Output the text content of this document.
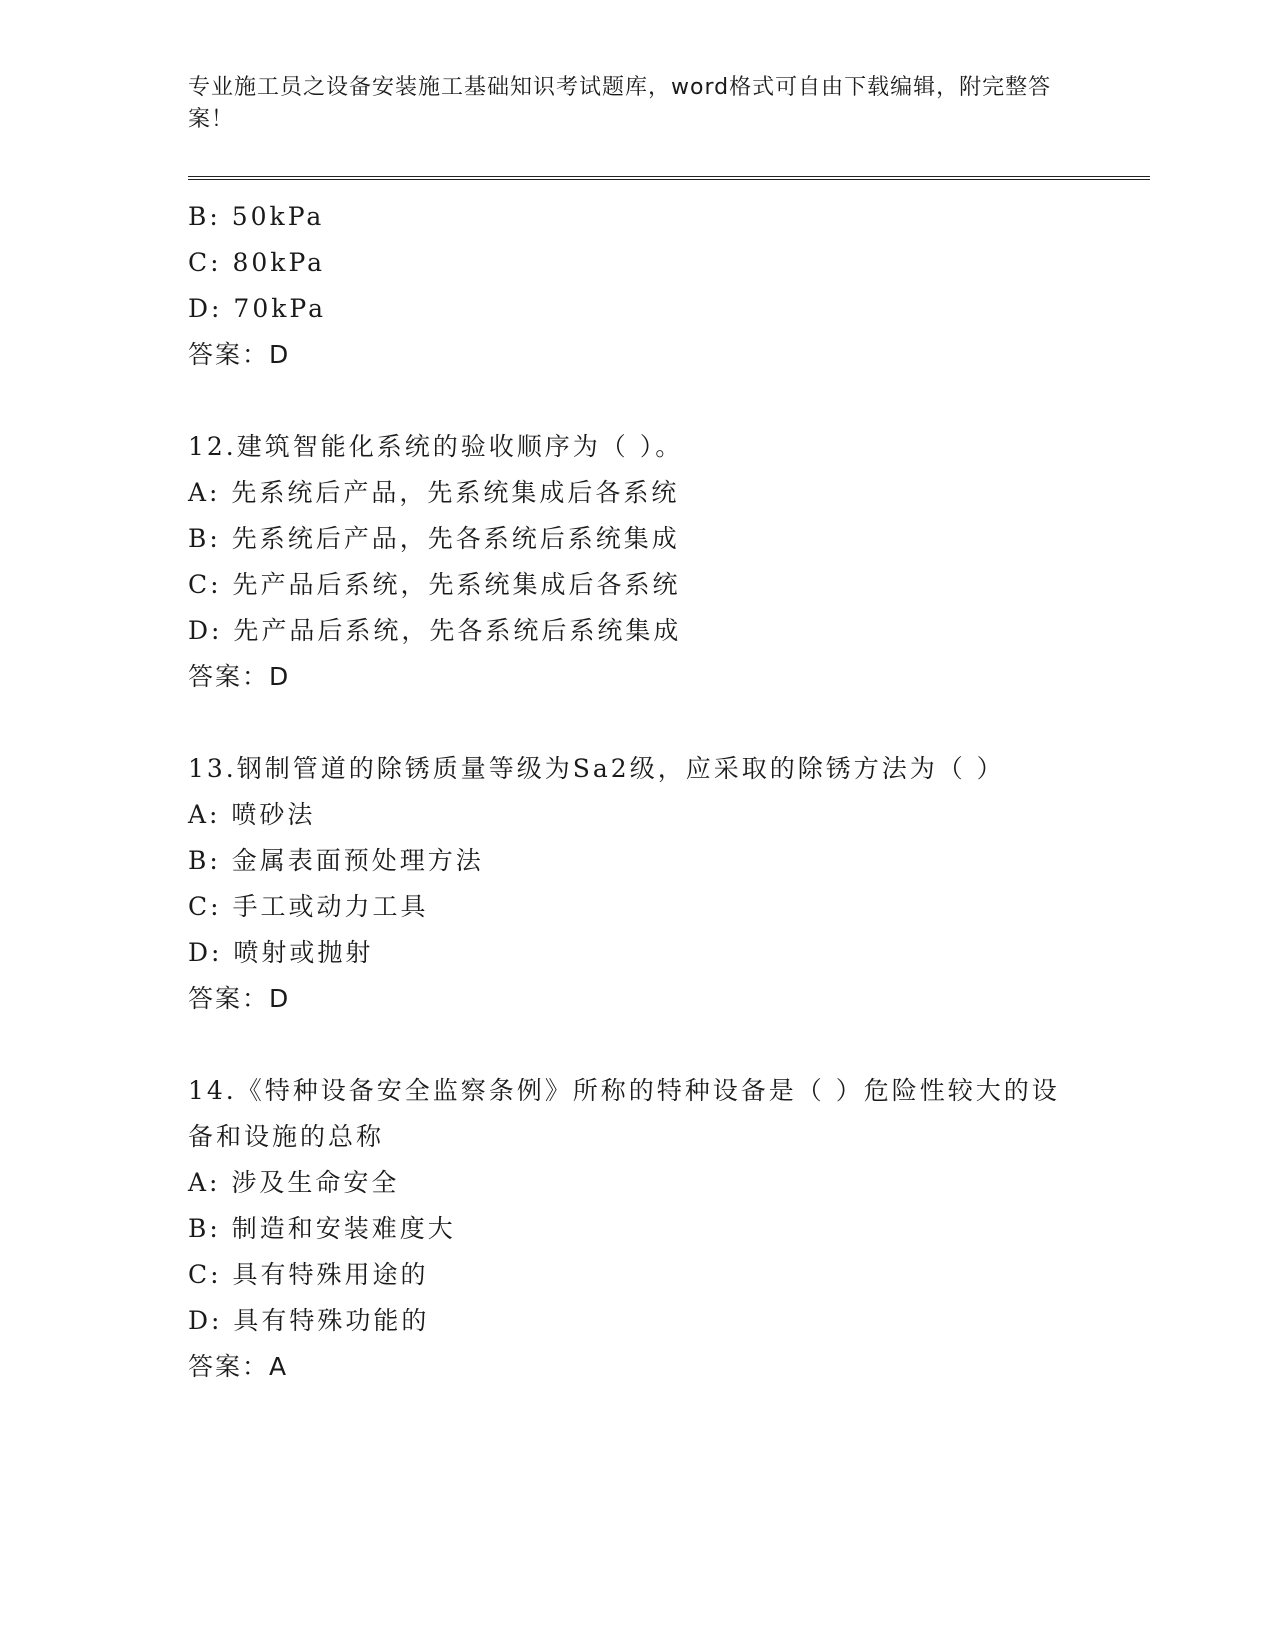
专业施工员之设备安装施工基础知识考试题库，word格式可自由下载编辑，附完整答案！
B: 50kPa
C: 80kPa
D: 70kPa
答案：D
12.建筑智能化系统的验收顺序为（ ）。
A: 先系统后产品，先系统集成后各系统
B: 先系统后产品，先各系统后系统集成
C: 先产品后系统，先系统集成后各系统
D: 先产品后系统，先各系统后系统集成
答案：D
13.钢制管道的除锈质量等级为Sa2级，应采取的除锈方法为（ ）
A: 喷砂法
B: 金属表面预处理方法
C: 手工或动力工具
D: 喷射或抛射
答案：D
14.《特种设备安全监察条例》所称的特种设备是（ ）危险性较大的设备和设施的总称
A: 涉及生命安全
B: 制造和安装难度大
C: 具有特殊用途的
D: 具有特殊功能的
答案：A
